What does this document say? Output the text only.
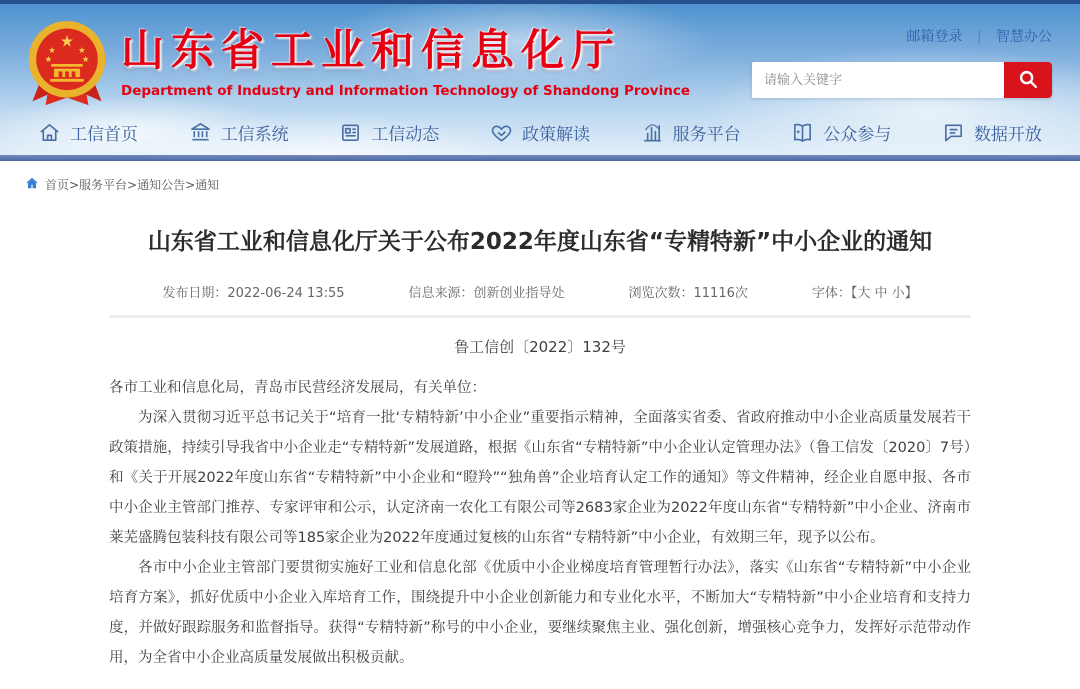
★
★ ★
★	★ 山东省工业和信息化厅
Department of Industry and Information Technology of Shandong Province
邮箱登录 | 智慧办公
请输入关键字
工信首页	工信系统	工信动态	政策解读	服务平台	★ 公众参与	数据开放
首页>服务平台>通知公告>通知
山东省工业和信息化厅关于公布2022年度山东省“专精特新”中小企业的通知
发布日期：2022-06-24 13:55	信息来源：创新创业指导处	浏览次数：11116次	字体：【大 中 小】

鲁工信创〔2022〕132号

各市工业和信息化局，青岛市民营经济发展局，有关单位：

为深入贯彻习近平总书记关于“培育一批‘专精特新’中小企业”重要指示精神，全面落实省委、省政府推动中小企业高质量发展若干政策措施，持续引导我省中小企业走“专精特新”发展道路，根据《山东省“专精特新”中小企业认定管理办法》（鲁工信发〔2020〕7号）和《关于开展2022年度山东省“专精特新”中小企业和“瞪羚”“独角兽”企业培育认定工作的通知》等文件精神，经企业自愿申报、各市中小企业主管部门推荐、专家评审和公示，认定济南一农化工有限公司等2683家企业为2022年度山东省“专精特新”中小企业、济南市莱芜盛腾包装科技有限公司等185家企业为2022年度通过复核的山东省“专精特新”中小企业，有效期三年，现予以公布。

各市中小企业主管部门要贯彻实施好工业和信息化部《优质中小企业梯度培育管理暂行办法》，落实《山东省“专精特新”中小企业培育方案》，抓好优质中小企业入库培育工作，围绕提升中小企业创新能力和专业化水平，不断加大“专精特新”中小企业培育和支持力度，并做好跟踪服务和监督指导。获得“专精特新”称号的中小企业，要继续聚焦主业、强化创新，增强核心竞争力，发挥好示范带动作用，为全省中小企业高质量发展做出积极贡献。
